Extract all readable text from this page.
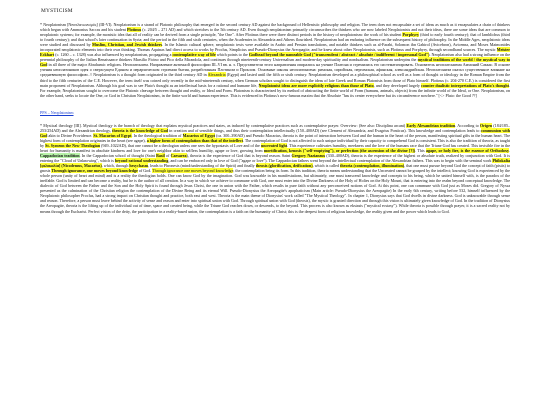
MYSTICISM

* Neoplatonism [Neoπλατωνισμός] (III-VI). Neoplatonism is a strand of Platonic philosophy that emerged in the second century AD against the background of Hellenistic philosophy and religion. The term does not encapsulate a set of ideas as much as it encapsulates a chain of thinkers which began with Ammonius Saccas and his student Plotinus (c. 204/5 – 271 AD) and which stretches to the 5th century AD. Even though neoplatonism primarily circumscribes the thinkers who are now labeled Neoplatonists and not their ideas, there are some ideas that are common to neoplatonic systems; for example, the monistic idea that all of reality can be derived from a single principle, "the One". After Plotinus there were three distinct periods in the history of neoplatonism: the work of his student Porphyry (third to early fourth century); that of Iamblichus (third to fourth century); and that school's later continuation in Syria; and the period in the fifth and sixth centuries, when the Academies in Alexandria and Athens flourished. Neoplatonism had an enduring influence on the subsequent history of philosophy. In the Middle Ages, neoplatonic ideas were studied and discussed by Muslim, Christian, and Jewish thinkers. In the Islamic cultural sphere, neoplatonic texts were available in Arabic and Persian translations, and notable thinkers such as al-Farabi, Solomon ibn Gabirol (Avicebron), Avicenna, and Moses Maimonides incorporated neoplatonic elements into their own thinking. Thomas Aquinas had direct access to works by Proclus, Simplicius and Pseudo-Dionysius the Areopagite, and he knew about other Neoplatonists, such as Plotinus and Porphyry, through secondhand sources. The mystic Meister Eckhart (c. 1260 – c. 1328) was also influenced by neoplatonism, propagating a contemplative way of life which points to the Godhead beyond the nameable God ("transcendent / abstract / absolute / indifferent / impersonal God"). Neoplatonism also had a strong influence on the perennial philosophy of the Italian Renaissance thinkers Marsilio Ficino and Pico della Mirandola, and continues through nineteenth-century Universalism and modern-day spirituality and nondualism. Neoplatonism underpins the mystical traditions of the world / the mystical way to God in all three of the major Abrahamic religions. Неоплатонизм. Направление античной философии III–VI вв. н. э. Представители этого направления опирались на учение Платона и стремились его систематизировать. Основатель неоплатонизма Аммоний Саккас. В основе учения неоплатоников идея о сверхсущем Едином и иерархическом строении бытия, разработанная Плотином и Проклом. Основные школы неоплатонизма: римская, сирийская, пергамская, афинская, александрийская. Неоплатонизм оказал существенное влияние на средневековую философию. // Neoplatonism is a thought form originated in the third century AD in Alexandria (Egypt) and lasted until the fifth or sixth century. Neoplatonism developed as a philosophical school as well as a form of thought or ideology in the Roman Empire from the third to the fifth centuries of the C.E. However, the term itself was coined only recently in the mid-nineteenth century, when German scholars sought to distinguish the ideas of late Greek and Roman Platonists from those of Plato himself. Plotinus (c. 204-270 C.E.) is considered the first main proponent of Neoplatonism. Although his goal was to see Plato's thought as an intellectual basis for a rational and humane life, Neoplatonist ideas are more explicitly religious than those of Plato, and they developed largely counter dualistic interpretations of Plato's thought. For example, Neoplatonism sought to overcome the Platonic cleavage between thought and reality, or Ideal and Form. Platonism is characterized by its method of abstracting the finite world of Form (humans, animals, objects) from the infinite world of the Ideal, or One. Neoplatonism, on the other hand, seeks to locate the One, or God in Christian Neoplatonism, in the finite world and human experience. This is evidenced in Plotinus's now-famous maxim that the Absolute "has its center everywhere but its circumference nowhere." [<> Plato: the Good ??]

PPS – Neoplatonism

* Mystical theology [III]. Mystical theology is the branch of theology that explains mystical practices and states, as induced by contemplative practices such as contemplative prayer. Overview: (See also: Disciplina arcani) Early Alexandrian tradition. According to Origen (184/185–253/254AD) and the Alexandrian theology, theoria is the knowledge of God in creation and of sensible things, and thus their contemplation intellectually (150–400AD) (see Clement of Alexandria, and Evagrius Ponticus). This knowledge and contemplation leads to communion with God akin to Divine Providence. St. Macarius of Egypt. In the theological tradition of Macarius of Egypt (ca. 300–390AD) and Pseudo Macarius, theoria is the point of interaction between God and the human in the heart of the person, manifesting spiritual gifts in the human heart. The highest form of contemplation originates in the heart (see agape), a higher form of contemplation than that of the intellect. The contemplation of God is not affected to such unique individual by their capacity to comprehend God is consistent. This is also the tradition of theoria, as taught by St. Symeon the New Theologian (949–1022AD), that one cannot be a theologian unless one sees the hypostasis of Love and of the uncreated light. This experience cultivates humility, meekness and the love of the humans race that the Triune God has created. This invisible fire in the heart for humanity is manifest in absolute kindness and love for one's neighbor akin to selfless humility, agape or love, growing from mortification, kenosis ("self-emptying"), or perfection (the ascension of the divine [?]). This agape, or holy fire, is the essence of Orthodoxy. Cappadocian tradition. In the Cappadocian school of thought (Saint Basil of Caesarea), theoria is the experience of God that is beyond reason. Saint Gregory Nazianzus (330–400AD), theoria is the experience of the highest or absolute truth, realized by conjunction with God. It is entering the "Cloud of Unknowing", which is beyond rational understanding, and can be embraced only in love of God ("agape or love"). The Cappadocian fathers went beyond the intellectual contemplation of the Alexandrian fathers. This was to begin with the seminal work Philokalia [φιλοκαλία] (Nicodemus, Macarius), which, through hesychasm, leads to Phronesis (mind/understanding of the Spirit) and finally theosis (glorification, deification), which is called theoria (contemplation, illumination), that one must pursue beyond God the concept of faith (pistis) to gnosis Through ignorance, one moves beyond knowledge of God. Through ignorance one moves beyond knowledge, the contemplation being its form. In this tradition, theoria means understanding that the Uncreated cannot be grasped by the intellect; knowing God is experienced by the whole person (unity of heart and mind) and is a reality the theologian holds. One can know God by the imagination. God was knowable in his manifestations, but ultimately, one must transcend knowledge and concepts to his being, which he united himself with, is the paradox of the ineffable. God is limited and can become a reality, but he is the author of all creation. In a way in which we achieve to commune with God, one must enter into the Divine Darkness of the Holy of Holies on the Holy Mount, that is entering into the realm beyond conceptual knowledge. The dialectic of God between the Father and the Son and the Holy Spirit is found through Jesus Christ, the one in union with the Father, which results in pure faith without any preconceived notions of God. At this point, one can commune with God just as Moses did. Gregory of Nyssa presented as the culmination of the Christian religion the contemplation of the Divine Being and its eternal Will. Pseudo-Dionysius the Areopagite's apophaticism (Main article: Pseudo-Dionysius the Areopagite) In the early 6th century, writing before 532, himself influenced by the Neoplatonic philosopher Proclus, had a strong impact on Christian thought and practice, both east and west. Theoria is the main theme of Dionysius' work called "The Mystical Theology". In chapter 1, Dionysius says that God dwells in divine darkness. God is unknowable through sense and reason. Therefore, a person must leave behind the activity of sense and reason and enter into spiritual union with God. Through spiritual union with God (theosis), the mystic is granted direction and through this vision is ultimately given knowledge of God. In the tradition of Dionysius the Areopagite, theoria is the lifting up of the individual out of time, space and created being, while the Triune God reaches down, or descends, to the beyond. This process is also known as ekstasis ("mystical ecstasy"). While theoria is possible through prayer, it is a sacred reality not by means through the Eucharist. Perfect vision of the deity, the participation in a reality-based union, the contemplation is a faith on the humanity of Christ; this is the deepest form of religious knowledge, the reality given and the power which leads to God.
